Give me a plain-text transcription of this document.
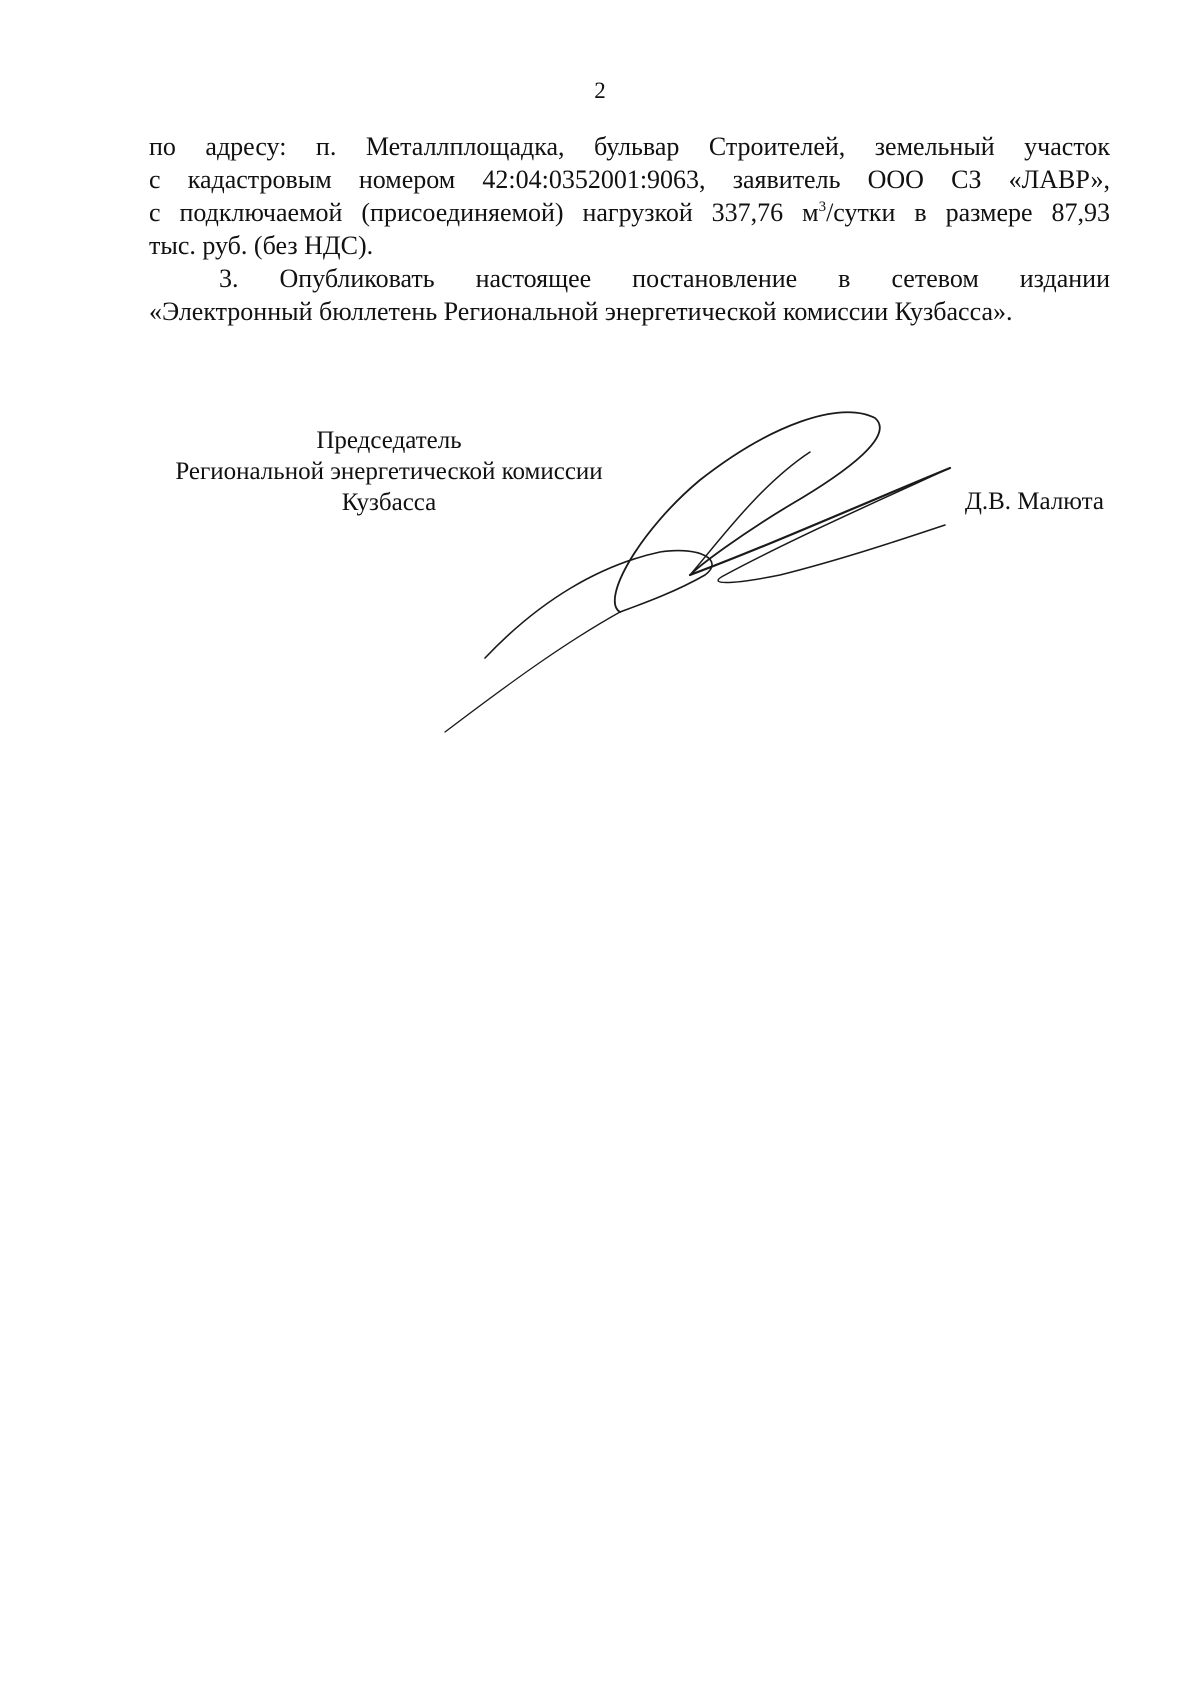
2
по адресу: п. Металлплощадка, бульвар Строителей, земельный участок
с кадастровым номером 42:04:0352001:9063, заявитель ООО СЗ «ЛАВР»,
с подключаемой (присоединяемой) нагрузкой 337,76 $м^3$/сутки в размере 87,93
тыс. руб. (без НДС).
3. Опубликовать настоящее постановление в сетевом издании
«Электронный бюллетень Региональной энергетической комиссии Кузбасса».
Председатель
Региональной энергетической комиссии
Кузбасса	Д.В. Малюта
